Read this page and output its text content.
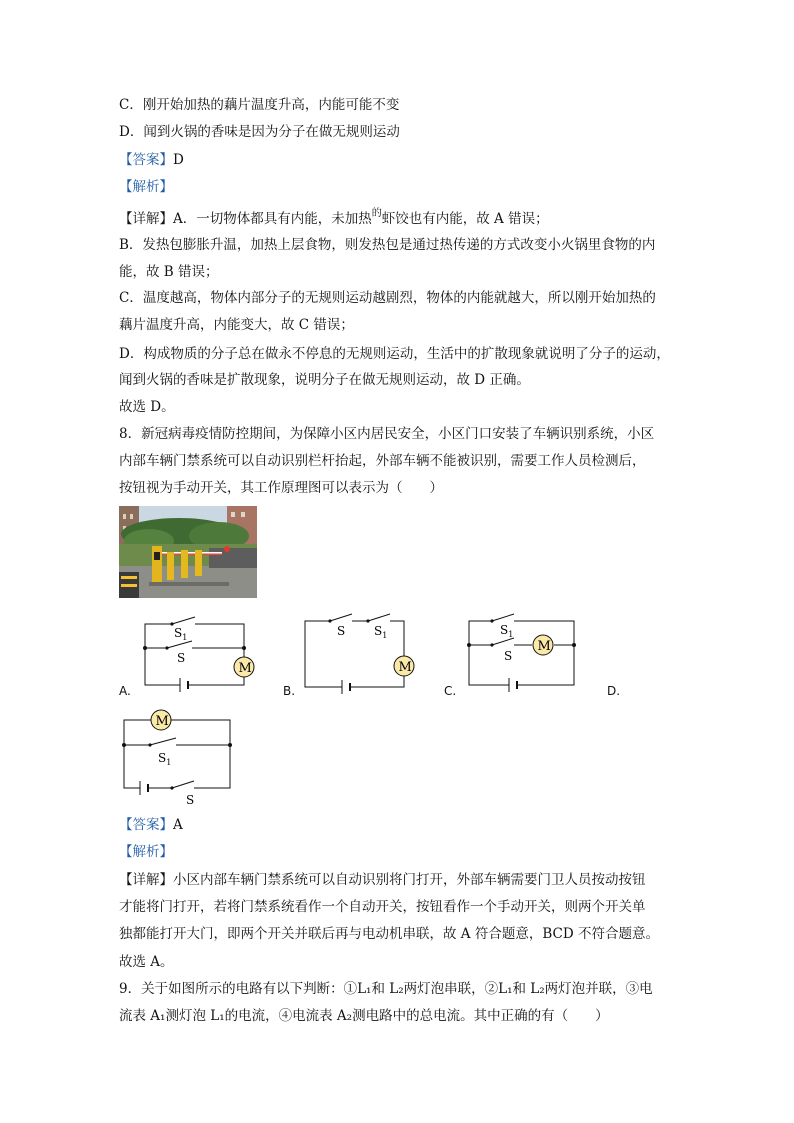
C．刚开始加热的藕片温度升高，内能可能不变
D．闻到火锅的香味是因为分子在做无规则运动
【答案】D
【解析】
【详解】A．一切物体都具有内能，未加热$^的$虾饺也有内能，故 A 错误；
B．发热包膨胀升温，加热上层食物，则发热包是通过热传递的方式改变小火锅里食物的内
能，故 B 错误；
C．温度越高，物体内部分子的无规则运动越剧烈，物体的内能就越大，所以刚开始加热的
藕片温度升高，内能变大，故 C 错误；
D．构成物质的分子总在做永不停息的无规则运动，生活中的扩散现象就说明了分子的运动，
闻到火锅的香味是扩散现象，说明分子在做无规则运动，故 D 正确。
故选 D。
8．新冠病毒疫情防控期间，为保障小区内居民安全，小区门口安装了车辆识别系统，小区
内部车辆门禁系统可以自动识别栏杆抬起，外部车辆不能被识别，需要工作人员检测后，
按钮视为手动开关，其工作原理图可以表示为（　　）
M
$S_1$
S
A.
M
S $S_1$
B.
M
$S_1$
S
C.	D.
M
$S_1$
S
【答案】A
【解析】
【详解】小区内部车辆门禁系统可以自动识别将门打开，外部车辆需要门卫人员按动按钮
才能将门打开，若将门禁系统看作一个自动开关，按钮看作一个手动开关，则两个开关单
独都能打开大门，即两个开关并联后再与电动机串联，故 A 符合题意，BCD 不符合题意。
故选 A。
9．关于如图所示的电路有以下判断：①L₁和 L₂两灯泡串联，②L₁和 L₂两灯泡并联，③电
流表 A₁测灯泡 L₁的电流，④电流表 A₂测电路中的总电流。其中正确的有（　　）
